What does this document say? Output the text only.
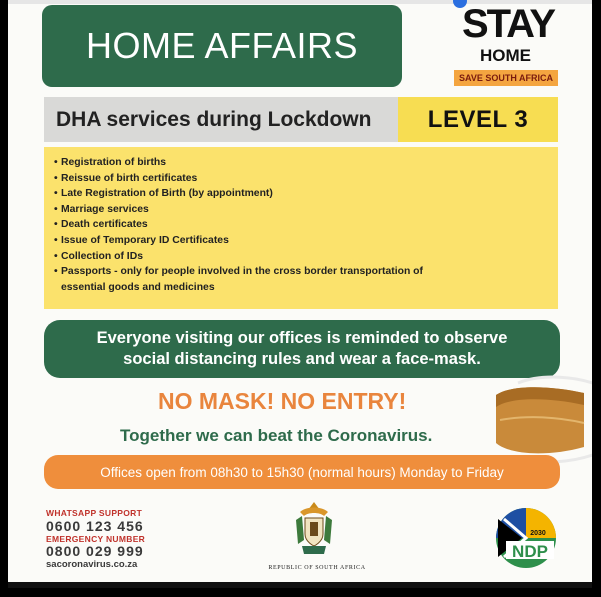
HOME AFFAIRS	STAY
HOME
SAVE SOUTH AFRICA
DHA services during Lockdown LEVEL 3
• Registration of births
• Reissue of birth certificates
• Late Registration of Birth (by appointment)
• Marriage services
• Death certificates
• Issue of Temporary ID Certificates
• Collection of IDs
• Passports - only for people involved in the cross border transportation of
essential goods and medicines
Everyone visiting our offices is reminded to observe
social distancing rules and wear a face-mask.
NO MASK! NO ENTRY!
Together we can beat the Coronavirus.
Offices open from 08h30 to 15h30 (normal hours) Monday to Friday
WHATSAPP SUPPORT
0600 123 456
EMERGENCY NUMBER
0800 029 999
sacoronavirus.co.za	REPUBLIC OF SOUTH AFRICA
NDP
2030
